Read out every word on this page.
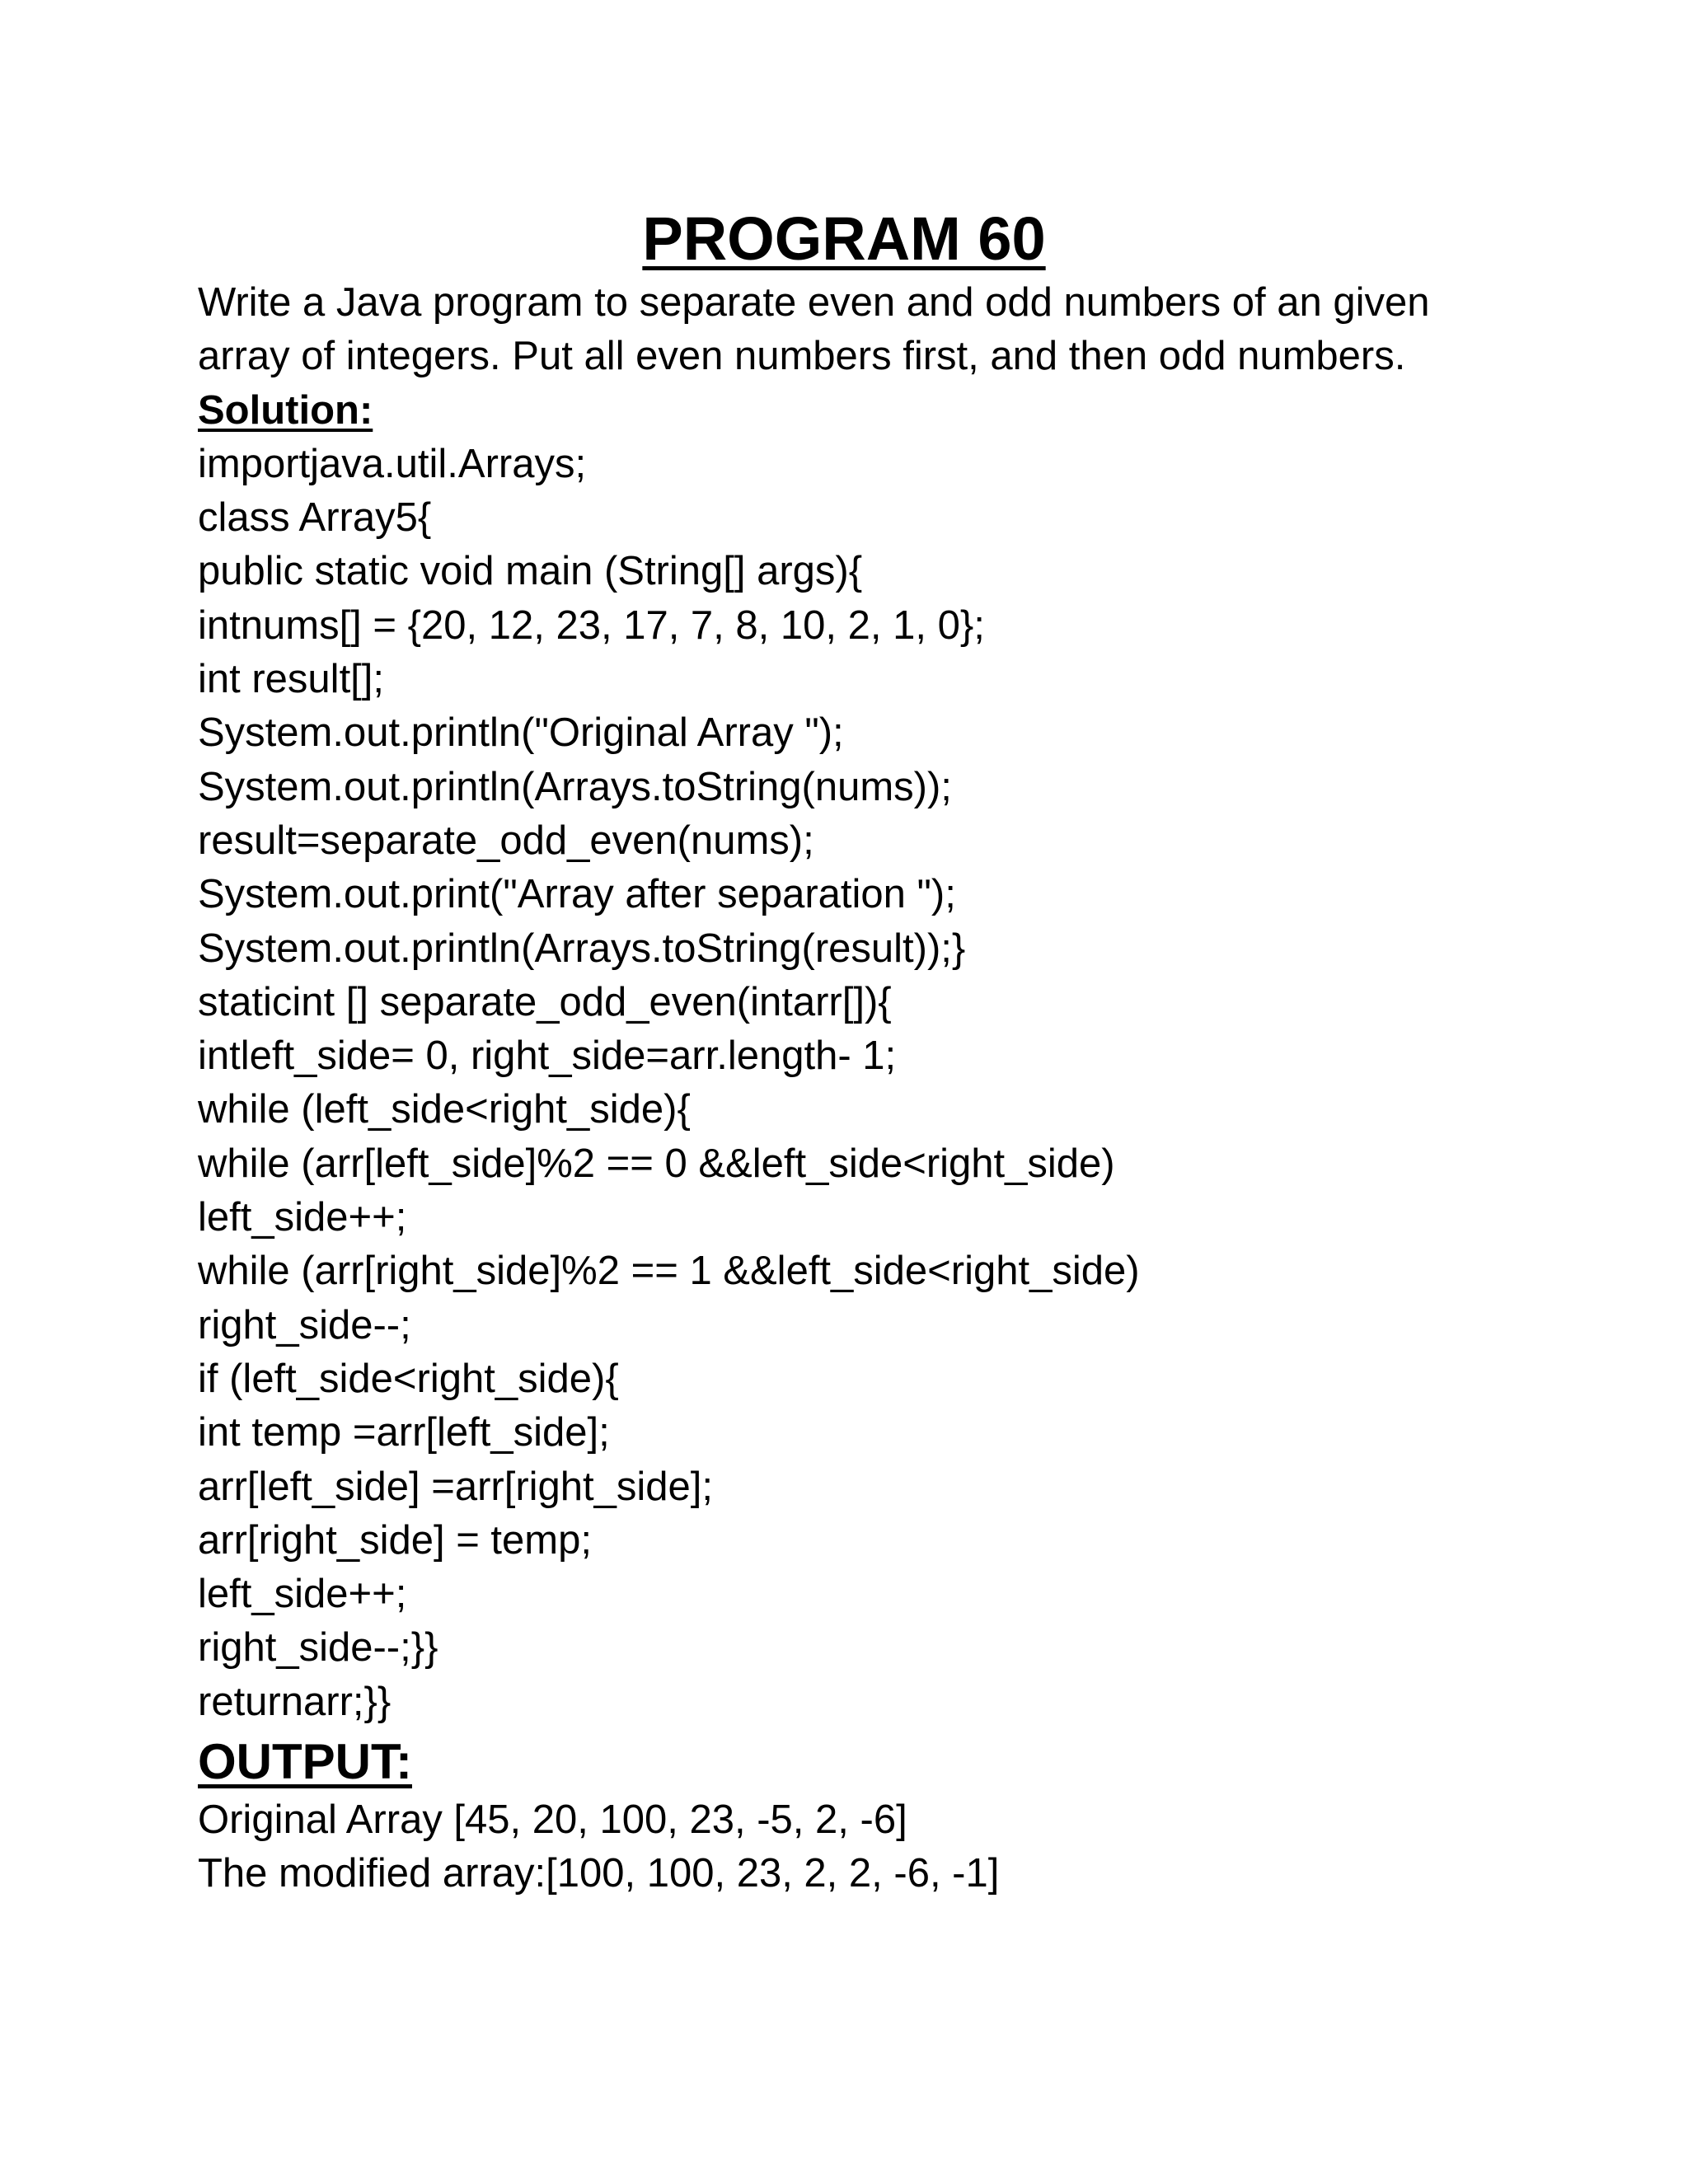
PROGRAM 60
Write a Java program to separate even and odd numbers of an given
array of integers. Put all even numbers first, and then odd numbers.
Solution:
importjava.util.Arrays;
class Array5{
public static void main (String[] args){
intnums[] = {20, 12, 23, 17, 7, 8, 10, 2, 1, 0};
int result[];
System.out.println("Original Array ");
System.out.println(Arrays.toString(nums));
result=separate_odd_even(nums);
System.out.print("Array after separation ");
System.out.println(Arrays.toString(result));}
staticint [] separate_odd_even(intarr[]){
intleft_side= 0, right_side=arr.length- 1;
while (left_side<right_side){
while (arr[left_side]%2 == 0 &&left_side<right_side)
left_side++;
while (arr[right_side]%2 == 1 &&left_side<right_side)
right_side--;
if (left_side<right_side){
int temp =arr[left_side];
arr[left_side] =arr[right_side];
arr[right_side] = temp;
left_side++;
right_side--;}}
returnarr;}}
OUTPUT:
Original Array [45, 20, 100, 23, -5, 2, -6]
The modified array:[100, 100, 23, 2, 2, -6, -1]
